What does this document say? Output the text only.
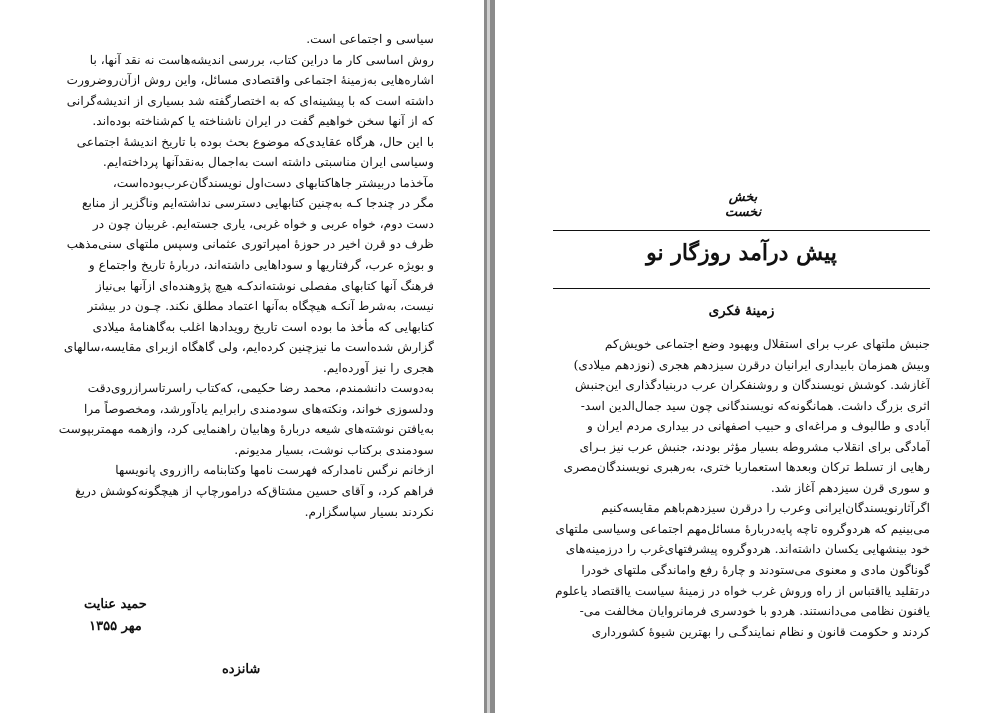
سیاسی و اجتماعی است.
روش اساسی کار ما دراین کتاب، بررسی اندیشه‌هاست نه نقد آنها، با
اشاره‌هایی به‌زمینهٔ اجتماعی واقتصادی مسائل، واین روش ازآن‌روضرورت
داشته است که با پیشینه‌ای که به اختصارگفته شد بسیاری از اندیشه‌گرانی
که از آنها سخن خواهیم گفت در ایران ناشناخته یا کم‌شناخته بوده‌اند.
با این حال، هرگاه عقایدی‌که موضوع بحث بوده با تاریخ اندیشهٔ اجتماعی
وسیاسی ایران مناسبتی داشته است به‌اجمال به‌نقدآنها پرداخته‌ایم.
مآخذما دربیشتر جاهاکتابهای دست‌اول نویسندگان‌عرب‌بوده‌است،
مگر در چندجا کـه به‌چنین کتابهایی دسترسی نداشته‌ایم وناگزیر از منابع
دست دوم، خواه عربی و خواه غربی، یاری جسته‌ایم. غربیان چون در
ظرف دو قرن اخیر در حوزهٔ امپراتوری عثمانی وسپس ملتهای سنی‌مذهب
و بویژه عرب، گرفتاریها و سوداهایی داشته‌اند، دربارهٔ تاریخ واجتماع و
فرهنگ آنها کتابهای مفصلی نوشته‌اندکـه هیچ پژوهنده‌ای ازآنها بی‌نیاز
نیست، به‌شرط آنکـه هیچگاه به‌آنها اعتماد مطلق نکند. چـون در بیشتر
کتابهایی که مأخذ ما بوده است تاریخ رویدادها اغلب به‌گاهنامهٔ میلادی
گزارش شده‌است ما نیزچنین کرده‌ایم، ولی گاهگاه ازبرای مقایسه،سالهای
هجری را نیز آورده‌ایم.
به‌دوست دانشمندم، محمد رضا حکیمی، که‌کتاب راسرتاسرازروی‌دقت
ودلسوزی خواند، ونکته‌های سودمندی رابرایم یادآورشد، ومخصوصاً مرا
به‌یافتن نوشته‌های شیعه دربارهٔ وهابیان راهنمایی کرد، وازهمه مهمتربپوست
سودمندی برکتاب نوشت، بسیار مدیونم.
ازخانم نرگس نامدارکه فهرست نامها وکتابنامه راازروی پانویسها
فراهم کرد، و آقای حسین مشتاق‌که درامورچاپ از هیچگونه‌کوشش دریغ
نکردند بسیار سپاسگزارم.
حمید عنایت
مهر ۱۳۵۵
شانزده
بخش نخست
پیش درآمد روزگار نو
زمینهٔ فکری
جنبش ملتهای عرب برای استقلال وبهبود وضع اجتماعی خویش‌کم
وبیش همزمان بابیداری ایرانیان درقرن سیزدهم هجری (نوزدهم میلادی)
آغازشد. کوشش نویسندگان و روشنفکران عرب دربنیادگذاری این‌جنبش
اثری بزرگ داشت. همانگونه‌که نویسندگانی چون سید جمال‌الدین اسد-
آبادی و طالبوف و مراغه‌ای و حبیب اصفهانی در بیداری مردم ایران و
آمادگی برای انقلاب مشروطه بسیار مؤثر بودند، جنبش عرب نیز بـرای
رهایی از تسلط ترکان وبعدها استعماربا ختری، به‌رهبری نویسندگان‌مصری
و سوری قرن سیزدهم آغاز شد.
اگرآثارنویسندگان‌ایرانی وعرب را درقرن سیزدهم‌باهم مقایسه‌کنیم
می‌بینیم که هردوگروه تاچه پایه‌دربارهٔ مسائل‌مهم اجتماعی وسیاسی ملتهای
خود بینشهایی یکسان داشته‌اند. هردو‌گروه پیشرفتهای‌غرب را درزمینه‌های
گوناگون مادی و معنوی می‌ستودند و چارهٔ رفع واماندگی ملتهای خودرا
درتقلید یااقتباس از راه وروش غرب خواه در زمینهٔ سیاست یااقتصاد یاعلوم
یافنون نظامی می‌دانستند. هردو با خودسری فرمانروایان مخالفت می-
کردند و حکومت قانون و نظام نمایندگـی را بهترین شیوهٔ کشورداری
